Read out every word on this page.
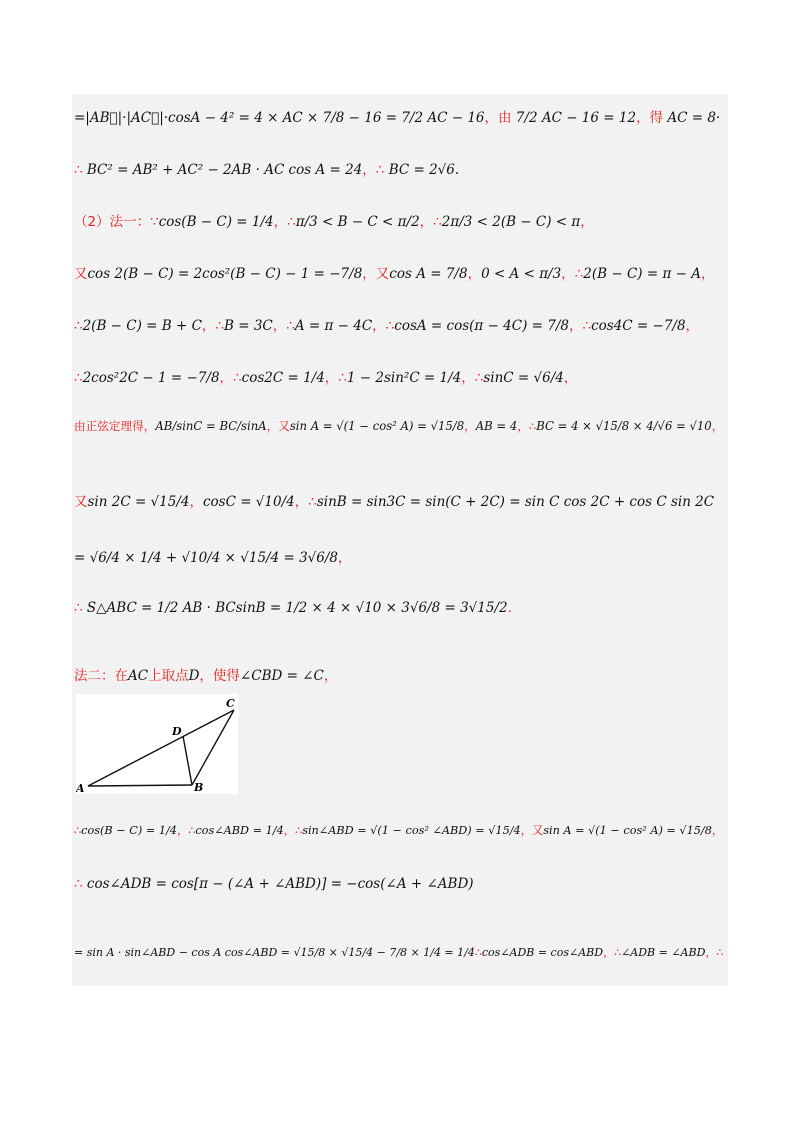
=|AB⃗|·|AC⃗|·cosA − 4² = 4 × AC × 7/8 − 16 = 7/2 AC − 16，由 7/2 AC − 16 = 12，得 AC = 8·
∴ BC² = AB² + AC² − 2AB · AC cos A = 24，∴ BC = 2√6.
（2）法一：∵cos(B − C) = 1/4，∴π/3 < B − C < π/2，∴2π/3 < 2(B − C) < π，
又cos 2(B − C) = 2cos²(B − C) − 1 = −7/8，又cos A = 7/8，0 < A < π/3，∴2(B − C) = π − A，
∴2(B − C) = B + C，∴B = 3C，∴A = π − 4C，∴cosA = cos(π − 4C) = 7/8，∴cos4C = −7/8，
∴2cos²2C − 1 = −7/8，∴cos2C = 1/4，∴1 − 2sin²C = 1/4，∴sinC = √6/4，
由正弦定理得，AB/sinC = BC/sinA，又sin A = √(1 − cos² A) = √15/8，AB = 4，∴BC = 4 × √15/8 × 4/√6 = √10，
又sin 2C = √15/4，cosC = √10/4，∴sinB = sin3C = sin(C + 2C) = sin C cos 2C + cos C sin 2C
= √6/4 × 1/4 + √10/4 × √15/4 = 3√6/8，
∴ S△ABC = 1/2 AB · BCsinB = 1/2 × 4 × √10 × 3√6/8 = 3√15/2.
法二：在AC上取点D，使得∠CBD = ∠C，
∴cos(B − C) = 1/4，∴cos∠ABD = 1/4，∴sin∠ABD = √(1 − cos² ∠ABD) = √15/4，又sin A = √(1 − cos² A) = √15/8，
∴ cos∠ADB = cos[π − (∠A + ∠ABD)] = −cos(∠A + ∠ABD)
= sin A · sin∠ABD − cos A cos∠ABD = √15/8 × √15/4 − 7/8 × 1/4 = 1/4∴cos∠ADB = cos∠ABD，∴∠ADB = ∠ABD，∴
A	B
C
D
